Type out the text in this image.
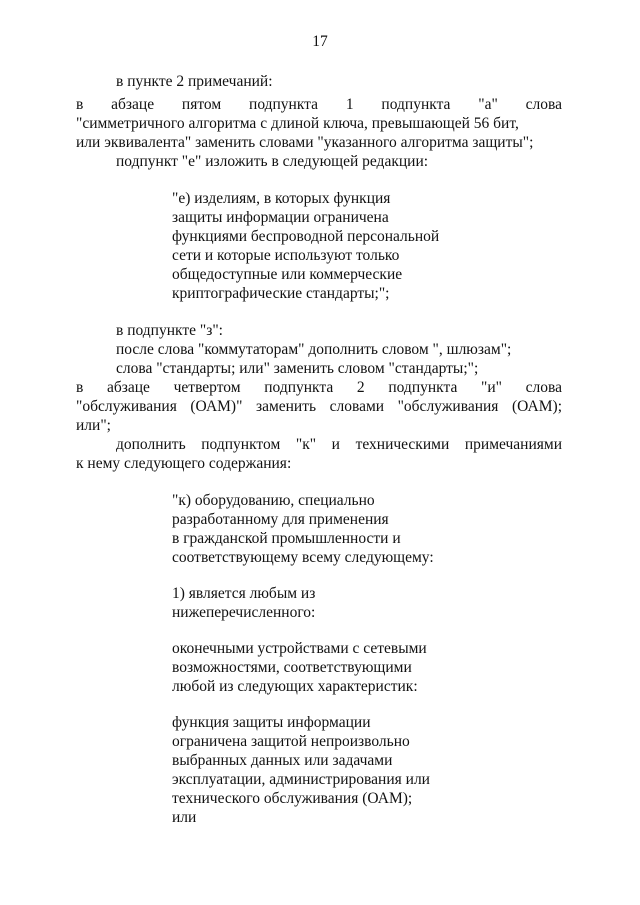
17
в пункте 2 примечаний:
в абзаце пятом подпункта 1 подпункта "а" слова
"симметричного алгоритма с длиной ключа, превышающей 56 бит,
или эквивалента" заменить словами "указанного алгоритма защиты";
подпункт "е" изложить в следующей редакции:
"е) изделиям, в которых функция
защиты информации ограничена
функциями беспроводной персональной
сети и которые используют только
общедоступные или коммерческие
криптографические стандарты;";
в подпункте "з":
после слова "коммутаторам" дополнить словом ", шлюзам";
слова "стандарты; или" заменить словом "стандарты;";
в абзаце четвертом подпункта 2 подпункта "и" слова
"обслуживания (ОАМ)" заменить словами "обслуживания (ОАМ);
или";
дополнить подпунктом "к" и техническими примечаниями
к нему следующего содержания:
"к) оборудованию, специально
разработанному для применения
в гражданской промышленности и
соответствующему всему следующему:
1) является любым из
нижеперечисленного:
оконечными устройствами с сетевыми
возможностями, соответствующими
любой из следующих характеристик:
функция защиты информации
ограничена защитой непроизвольно
выбранных данных или задачами
эксплуатации, администрирования или
технического обслуживания (ОАМ);
или
